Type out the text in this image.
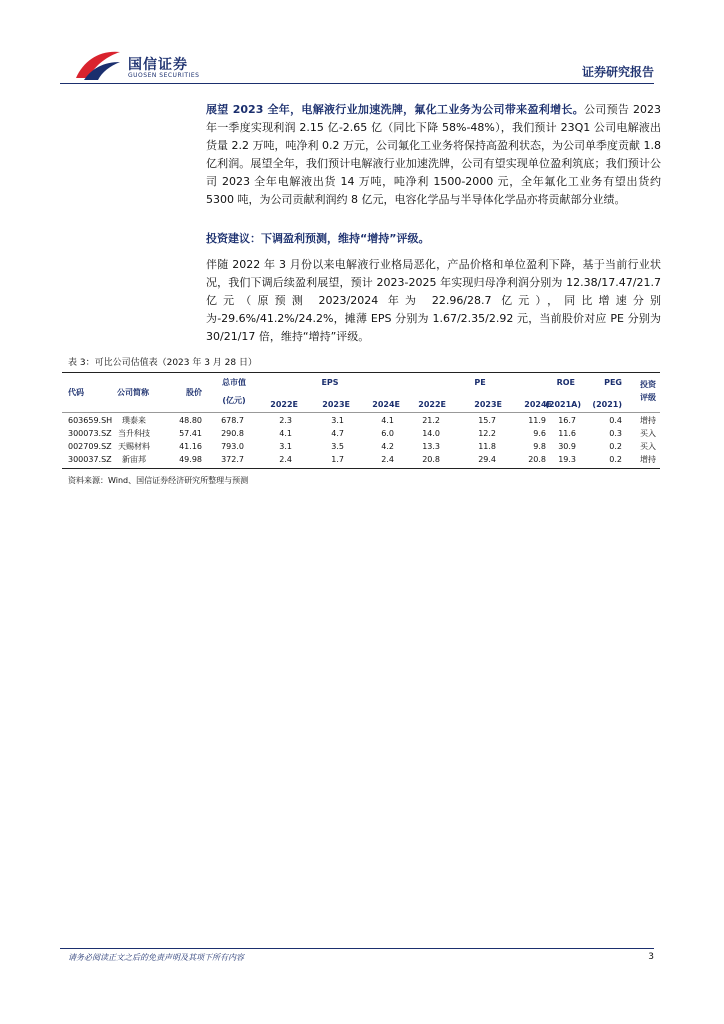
国信证券
GUOSEN SECURITIES	证券研究报告
展望 2023 全年，电解液行业加速洗牌，氟化工业务为公司带来盈利增长。公司预告 2023 年一季度实现利润 2.15 亿-2.65 亿（同比下降 58%-48%），我们预计 23Q1 公司电解液出货量 2.2 万吨，吨净利 0.2 万元，公司氟化工业务将保持高盈利状态，为公司单季度贡献 1.8 亿利润。展望全年，我们预计电解液行业加速洗牌，公司有望实现单位盈利筑底；我们预计公司 2023 全年电解液出货 14 万吨，吨净利 1500-2000 元，全年氟化工业务有望出货约 5300 吨，为公司贡献利润约 8 亿元，电容化学品与半导体化学品亦将贡献部分业绩。
投资建议：下调盈利预测，维持“增持”评级。
伴随 2022 年 3 月份以来电解液行业格局恶化，产品价格和单位盈利下降，基于当前行业状况，我们下调后续盈利展望，预计 2023-2025 年实现归母净利润分别为 12.38/17.47/21.7 亿元（原预测 2023/2024 年为 22.96/28.7 亿元），同比增速分别为-29.6%/41.2%/24.2%，摊薄 EPS 分别为 1.67/2.35/2.92 元，当前股价对应 PE 分别为 30/21/17 倍，维持“增持”评级。
表 3：可比公司估值表（2023 年 3 月 28 日）
代码	公司简称	股价
总市值
(亿元)
EPS	PE	ROE	PEG	投资
评级
2022E	2023E	2024E	2022E	2023E	2024E
(2021A)	(2021)
603659.SH 璞泰来	48.80	678.7	2.3	3.1	4.1	21.2	15.7	11.9	16.7	0.4	增持
300073.SZ 当升科技	57.41	290.8	4.1	4.7	6.0	14.0	12.2	9.6	11.6	0.3	买入
002709.SZ 天赐材料	41.16	793.0	3.1	3.5	4.2	13.3	11.8	9.8	30.9	0.2	买入
300037.SZ 新宙邦	49.98	372.7	2.4	1.7	2.4	20.8	29.4	20.8	19.3	0.2	增持
资料来源：Wind、国信证券经济研究所整理与预测
请务必阅读正文之后的免责声明及其项下所有内容	3
